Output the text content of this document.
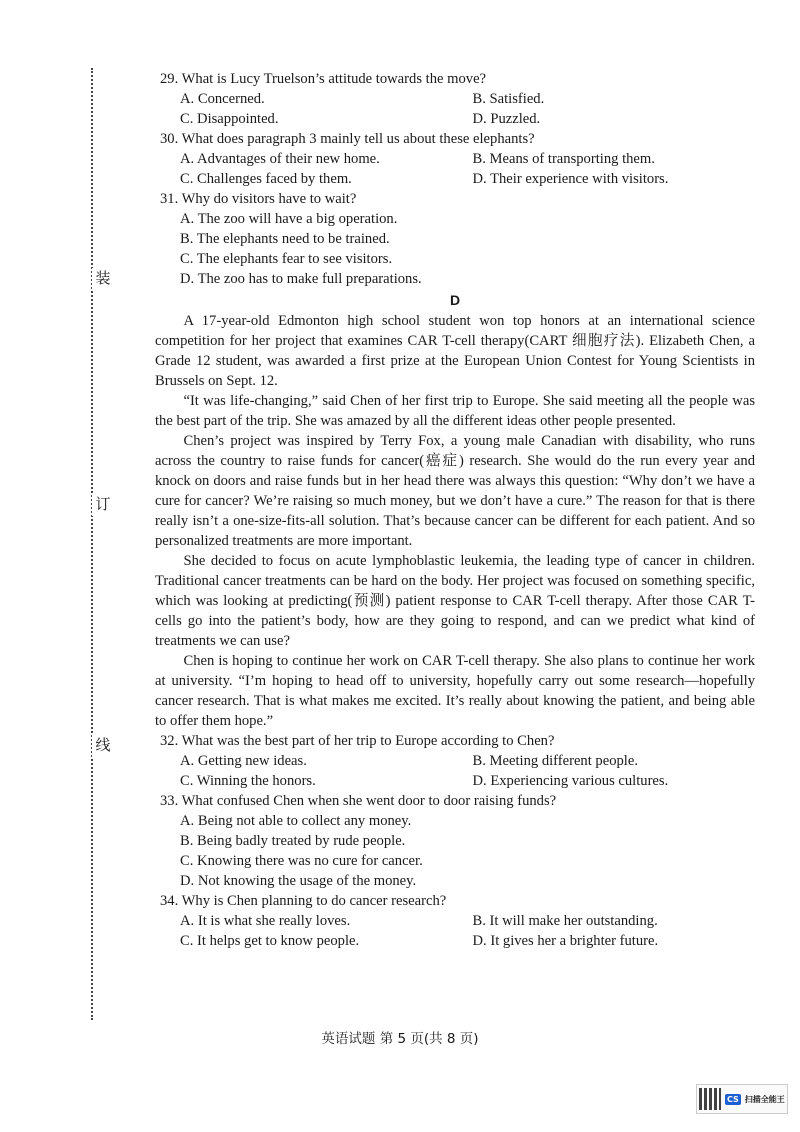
装
订
线
29. What is Lucy Truelson’s attitude towards the move?
A. Concerned.	B. Satisfied.
C. Disappointed.	D. Puzzled.
30. What does paragraph 3 mainly tell us about these elephants?
A. Advantages of their new home.	B. Means of transporting them.
C. Challenges faced by them.	D. Their experience with visitors.
31. Why do visitors have to wait?
A. The zoo will have a big operation.
B. The elephants need to be trained.
C. The elephants fear to see visitors.
D. The zoo has to make full preparations.
D

A 17-year-old Edmonton high school student won top honors at an international science competition for her project that examines CAR T-cell therapy(CART 细胞疗法). Elizabeth Chen, a Grade 12 student, was awarded a first prize at the European Union Contest for Young Scientists in Brussels on Sept. 12.

“It was life-changing,” said Chen of her first trip to Europe. She said meeting all the people was the best part of the trip. She was amazed by all the different ideas other people presented.

Chen’s project was inspired by Terry Fox, a young male Canadian with disability, who runs across the country to raise funds for cancer(癌症) research. She would do the run every year and knock on doors and raise funds but in her head there was always this question: “Why don’t we have a cure for cancer? We’re raising so much money, but we don’t have a cure.” The reason for that is there really isn’t a one-size-fits-all solution. That’s because cancer can be different for each patient. And so personalized treatments are more important.

She decided to focus on acute lymphoblastic leukemia, the leading type of cancer in children. Traditional cancer treatments can be hard on the body. Her project was focused on something specific, which was looking at predicting(预测) patient response to CAR T-cell therapy. After those CAR T-cells go into the patient’s body, how are they going to respond, and can we predict what kind of treatments we can use?

Chen is hoping to continue her work on CAR T-cell therapy. She also plans to continue her work at university. “I’m hoping to head off to university, hopefully carry out some research—hopefully cancer research. That is what makes me excited. It’s really about knowing the patient, and being able to offer them hope.”

32. What was the best part of her trip to Europe according to Chen?
A. Getting new ideas.	B. Meeting different people.
C. Winning the honors.	D. Experiencing various cultures.
33. What confused Chen when she went door to door raising funds?
A. Being not able to collect any money.
B. Being badly treated by rude people.
C. Knowing there was no cure for cancer.
D. Not knowing the usage of the money.
34. Why is Chen planning to do cancer research?
A. It is what she really loves.	B. It will make her outstanding.
C. It helps get to know people.	D. It gives her a brighter future.
英语试题 第 5 页(共 8 页)
CS 扫描全能王
